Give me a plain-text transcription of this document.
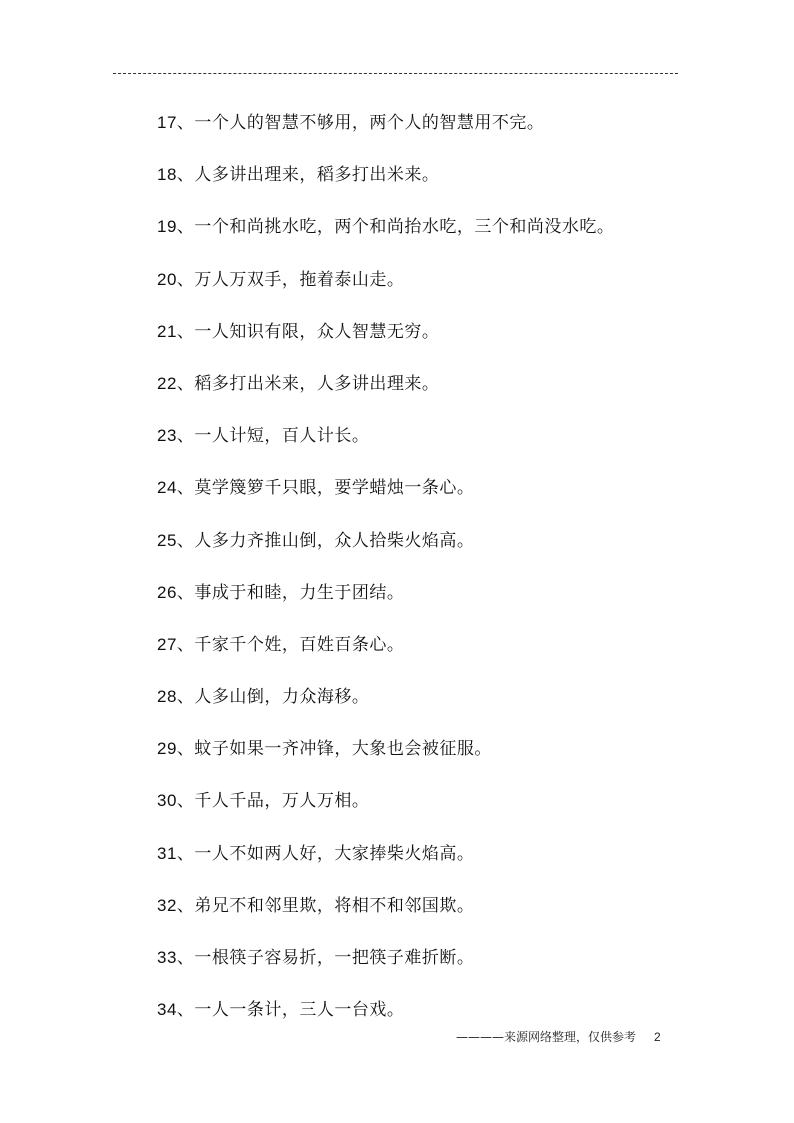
17、一个人的智慧不够用，两个人的智慧用不完。
18、人多讲出理来，稻多打出米来。
19、一个和尚挑水吃，两个和尚抬水吃，三个和尚没水吃。
20、万人万双手，拖着泰山走。
21、一人知识有限，众人智慧无穷。
22、稻多打出米来，人多讲出理来。
23、一人计短，百人计长。
24、莫学篾箩千只眼，要学蜡烛一条心。
25、人多力齐推山倒，众人拾柴火焰高。
26、事成于和睦，力生于团结。
27、千家千个姓，百姓百条心。
28、人多山倒，力众海移。
29、蚊子如果一齐冲锋，大象也会被征服。
30、千人千品，万人万相。
31、一人不如两人好，大家捧柴火焰高。
32、弟兄不和邻里欺，将相不和邻国欺。
33、一根筷子容易折，一把筷子难折断。
34、一人一条计，三人一台戏。
————来源网络整理，仅供参考 2
